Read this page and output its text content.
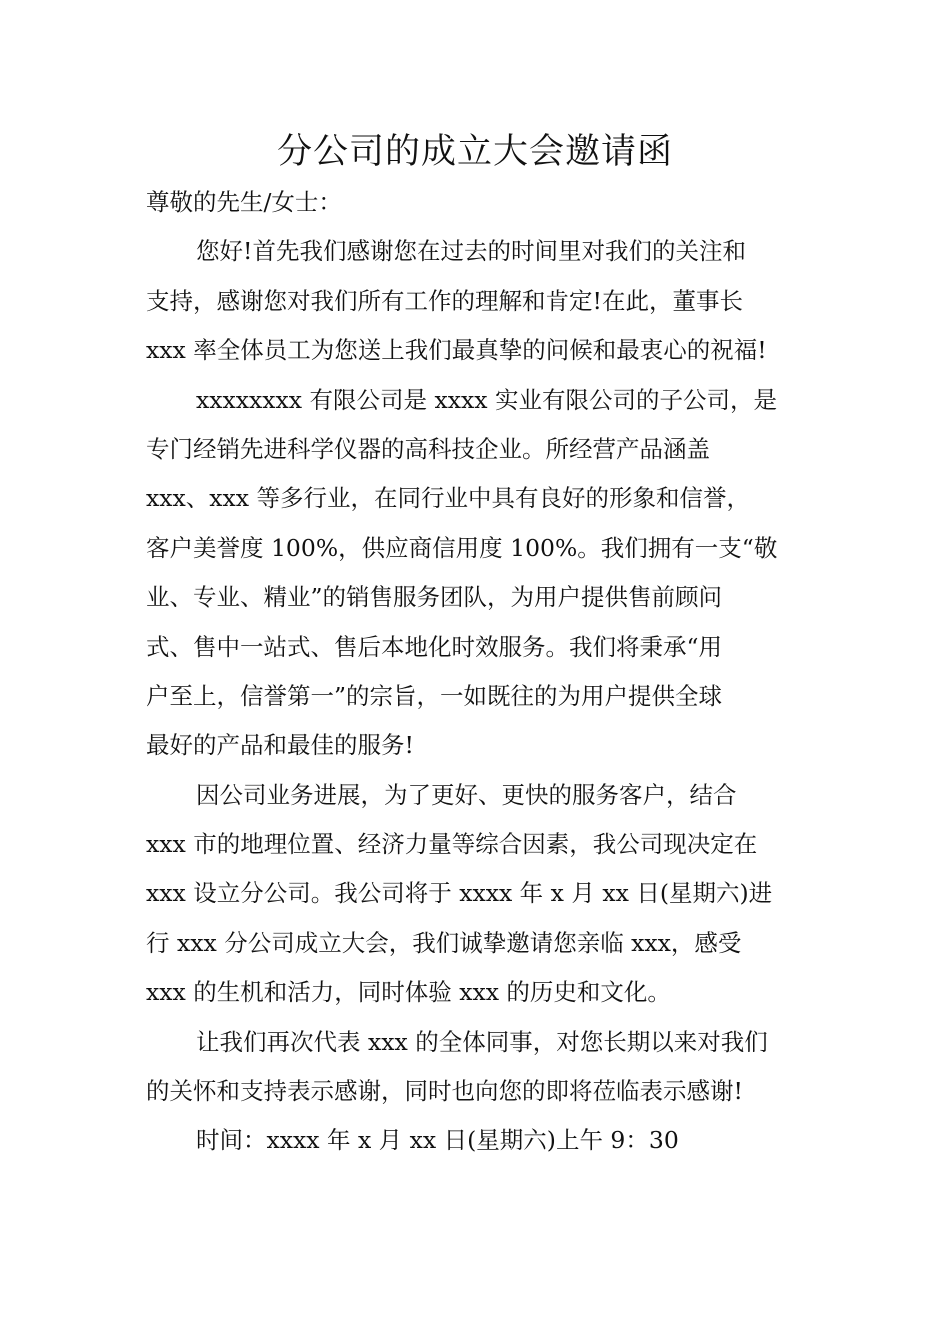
分公司的成立大会邀请函

尊敬的先生/女士：

您好!首先我们感谢您在过去的时间里对我们的关注和

支持，感谢您对我们所有工作的理解和肯定!在此，董事长

xxx 率全体员工为您送上我们最真挚的问候和最衷心的祝福!

xxxxxxxx 有限公司是 xxxx 实业有限公司的子公司，是

专门经销先进科学仪器的高科技企业。所经营产品涵盖

xxx、xxx 等多行业，在同行业中具有良好的形象和信誉，

客户美誉度 100%，供应商信用度 100%。我们拥有一支“敬

业、专业、精业”的销售服务团队，为用户提供售前顾问

式、售中一站式、售后本地化时效服务。我们将秉承“用

户至上，信誉第一”的宗旨，一如既往的为用户提供全球

最好的产品和最佳的服务!

因公司业务进展，为了更好、更快的服务客户，结合

xxx 市的地理位置、经济力量等综合因素，我公司现决定在

xxx 设立分公司。我公司将于 xxxx 年 x 月 xx 日(星期六)进

行 xxx 分公司成立大会，我们诚挚邀请您亲临 xxx，感受

xxx 的生机和活力，同时体验 xxx 的历史和文化。

让我们再次代表 xxx 的全体同事，对您长期以来对我们

的关怀和支持表示感谢，同时也向您的即将莅临表示感谢!

时间：xxxx 年 x 月 xx 日(星期六)上午 9：30
